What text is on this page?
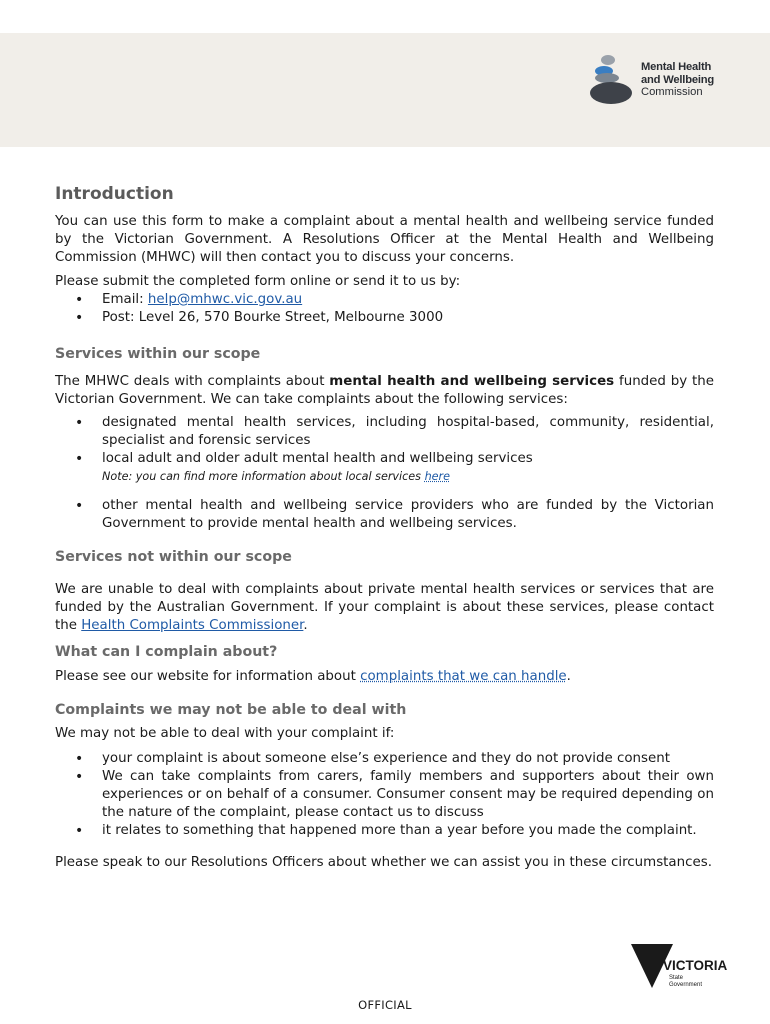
Mental Health
and Wellbeing
Commission
Introduction

You can use this form to make a complaint about a mental health and wellbeing service funded by the Victorian Government. A Resolutions Officer at the Mental Health and Wellbeing Commission (MHWC) will then contact you to discuss your concerns.

Please submit the completed form online or send it to us by:

• Email: help@mhwc.vic.gov.au
• Post: Level 26, 570 Bourke Street, Melbourne 3000
Services within our scope

The MHWC deals with complaints about mental health and wellbeing services funded by the Victorian Government. We can take complaints about the following services:

• designated mental health services, including hospital-based, community, residential, specialist and forensic services
• local adult and older adult mental health and wellbeing services
Note: you can find more information about local services here
• other mental health and wellbeing service providers who are funded by the Victorian Government to provide mental health and wellbeing services.
Services not within our scope

We are unable to deal with complaints about private mental health services or services that are funded by the Australian Government. If your complaint is about these services, please contact the Health Complaints Commissioner.

What can I complain about?

Please see our website for information about complaints that we can handle.

Complaints we may not be able to deal with

We may not be able to deal with your complaint if:

• your complaint is about someone else’s experience and they do not provide consent
• We can take complaints from carers, family members and supporters about their own experiences or on behalf of a consumer. Consumer consent may be required depending on the nature of the complaint, please contact us to discuss
• it relates to something that happened more than a year before you made the complaint.

Please speak to our Resolutions Officers about whether we can assist you in these circumstances.

VICTORIA
State
Government
OFFICIAL
